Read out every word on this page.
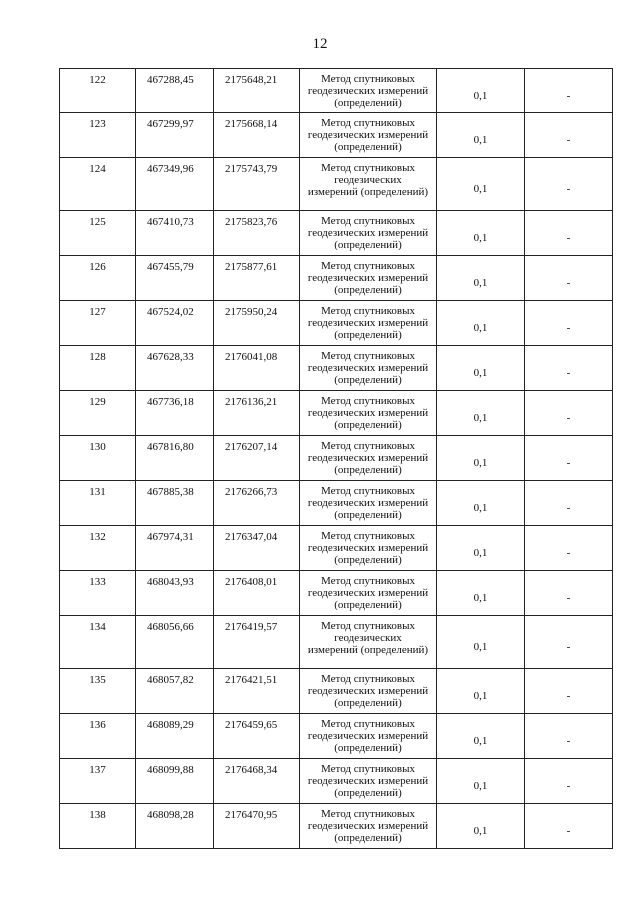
12
122	467288,45	2175648,21	Метод спутниковых
геодезических измерений
(определений)	0,1	-
123	467299,97	2175668,14	Метод спутниковых
геодезических измерений
(определений)	0,1	-
124	467349,96	2175743,79	Метод спутниковых
геодезических
измерений (определений)	0,1	-
125	467410,73	2175823,76	Метод спутниковых
геодезических измерений
(определений)	0,1	-
126	467455,79	2175877,61	Метод спутниковых
геодезических измерений
(определений)	0,1	-
127	467524,02	2175950,24	Метод спутниковых
геодезических измерений
(определений)	0,1	-
128	467628,33	2176041,08	Метод спутниковых
геодезических измерений
(определений)	0,1	-
129	467736,18	2176136,21	Метод спутниковых
геодезических измерений
(определений)	0,1	-
130	467816,80	2176207,14	Метод спутниковых
геодезических измерений
(определений)	0,1	-
131	467885,38	2176266,73	Метод спутниковых
геодезических измерений
(определений)	0,1	-
132	467974,31	2176347,04	Метод спутниковых
геодезических измерений
(определений)	0,1	-
133	468043,93	2176408,01	Метод спутниковых
геодезических измерений
(определений)	0,1	-
134	468056,66	2176419,57	Метод спутниковых
геодезических
измерений (определений)	0,1	-
135	468057,82	2176421,51	Метод спутниковых
геодезических измерений
(определений)	0,1	-
136	468089,29	2176459,65	Метод спутниковых
геодезических измерений
(определений)	0,1	-
137	468099,88	2176468,34	Метод спутниковых
геодезических измерений
(определений)	0,1	-
138	468098,28	2176470,95	Метод спутниковых
геодезических измерений
(определений)	0,1	-
